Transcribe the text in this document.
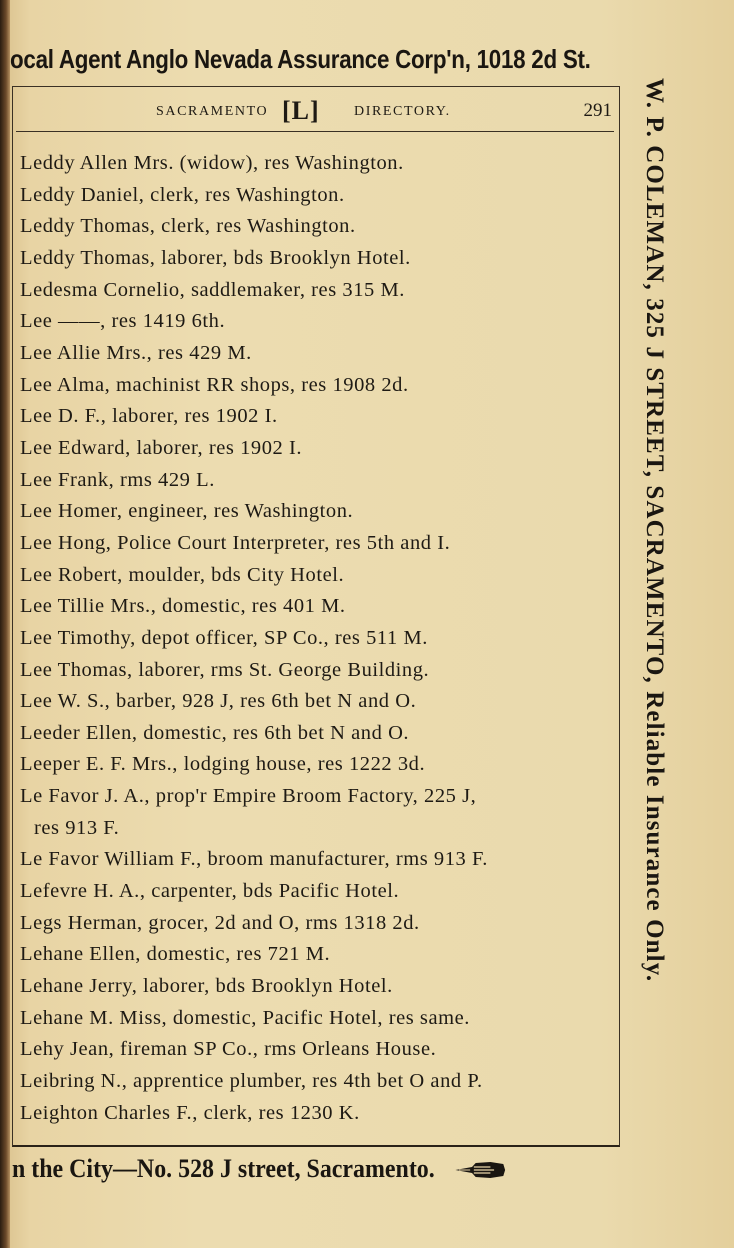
ocal Agent Anglo Nevada Assurance Corp'n, 1018 2d St.
SACRAMENTO [L] DIRECTORY.	291
Leddy Allen Mrs. (widow), res Washington.
Leddy Daniel, clerk, res Washington.
Leddy Thomas, clerk, res Washington.
Leddy Thomas, laborer, bds Brooklyn Hotel.
Ledesma Cornelio, saddlemaker, res 315 M.
Lee ——, res 1419 6th.
Lee Allie Mrs., res 429 M.
Lee Alma, machinist RR shops, res 1908 2d.
Lee D. F., laborer, res 1902 I.
Lee Edward, laborer, res 1902 I.
Lee Frank, rms 429 L.
Lee Homer, engineer, res Washington.
Lee Hong, Police Court Interpreter, res 5th and I.
Lee Robert, moulder, bds City Hotel.
Lee Tillie Mrs., domestic, res 401 M.
Lee Timothy, depot officer, SP Co., res 511 M.
Lee Thomas, laborer, rms St. George Building.
Lee W. S., barber, 928 J, res 6th bet N and O.
Leeder Ellen, domestic, res 6th bet N and O.
Leeper E. F. Mrs., lodging house, res 1222 3d.
Le Favor J. A., prop'r Empire Broom Factory, 225 J,
res 913 F.
Le Favor William F., broom manufacturer, rms 913 F.
Lefevre H. A., carpenter, bds Pacific Hotel.
Legs Herman, grocer, 2d and O, rms 1318 2d.
Lehane Ellen, domestic, res 721 M.
Lehane Jerry, laborer, bds Brooklyn Hotel.
Lehane M. Miss, domestic, Pacific Hotel, res same.
Lehy Jean, fireman SP Co., rms Orleans House.
Leibring N., apprentice plumber, res 4th bet O and P.
Leighton Charles F., clerk, res 1230 K.
W. P. COLEMAN, 325 J STREET, SACRAMENTO, Reliable Insurance Only.
n the City—No. 528 J street, Sacramento.
